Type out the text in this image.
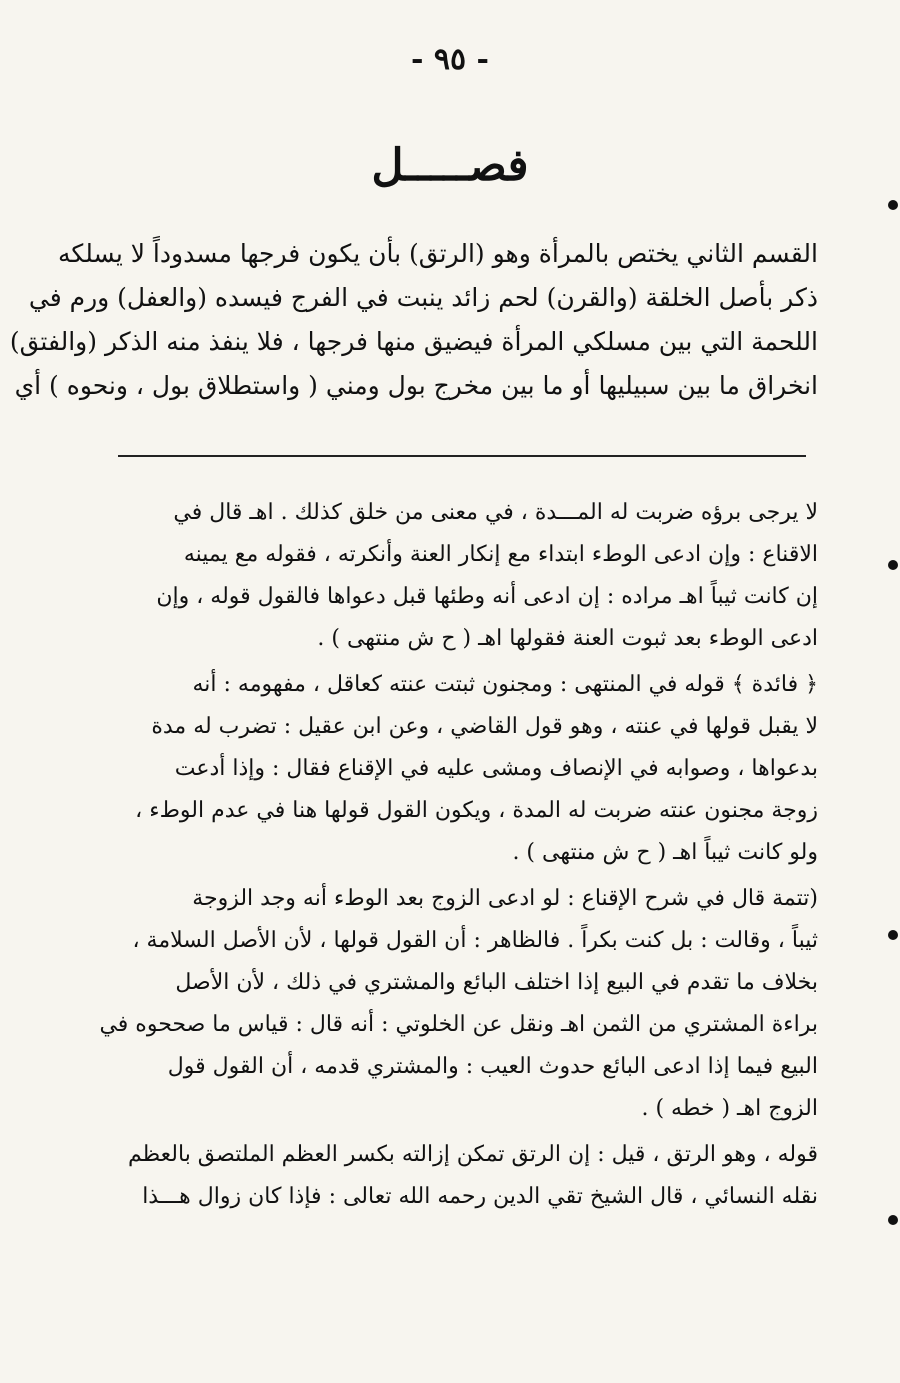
- ٩٥ -
فصـــــل
القسم الثاني يختص بالمرأة وهو (الرتق) بأن يكون فرجها مسدوداً لا يسلكه
ذكر بأصل الخلقة (والقرن) لحم زائد ينبت في الفرج فيسده (والعفل) ورم في
اللحمة التي بين مسلكي المرأة فيضيق منها فرجها ، فلا ينفذ منه الذكر (والفتق)
انخراق ما بين سبيليها أو ما بين مخرج بول ومني ( واستطلاق بول ، ونحوه ) أي
لا يرجى برؤه ضربت له المـــدة ، في معنى من خلق كذلك . اهـ قال في
الاقناع : وإن ادعى الوطء ابتداء مع إنكار العنة وأنكرته ، فقوله مع يمينه
إن كانت ثيباً اهـ مراده : إن ادعى أنه وطئها قبل دعواها فالقول قوله ، وإن
ادعى الوطء بعد ثبوت العنة فقولها اهـ ( ح ش منتهى ) .
﴿ فائدة ﴾ قوله في المنتهى : ومجنون ثبتت عنته كعاقل ، مفهومه : أنه
لا يقبل قولها في عنته ، وهو قول القاضي ، وعن ابن عقيل : تضرب له مدة
بدعواها ، وصوابه في الإنصاف ومشى عليه في الإقناع فقال : وإذا أدعت
زوجة مجنون عنته ضربت له المدة ، ويكون القول قولها هنا في عدم الوطء ،
ولو كانت ثيباً اهـ ( ح ش منتهى ) .
(تتمة قال في شرح الإقناع : لو ادعى الزوج بعد الوطء أنه وجد الزوجة
ثيباً ، وقالت : بل كنت بكراً . فالظاهر : أن القول قولها ، لأن الأصل السلامة ،
بخلاف ما تقدم في البيع إذا اختلف البائع والمشتري في ذلك ، لأن الأصل
براءة المشتري من الثمن اهـ ونقل عن الخلوتي : أنه قال : قياس ما صححوه في
البيع فيما إذا ادعى البائع حدوث العيب : والمشتري قدمه ، أن القول قول
الزوج اهـ ( خطه ) .
قوله ، وهو الرتق ، قيل : إن الرتق تمكن إزالته بكسر العظم الملتصق بالعظم
نقله النسائي ، قال الشيخ تقي الدين رحمه الله تعالى : فإذا كان زوال هـــذا
